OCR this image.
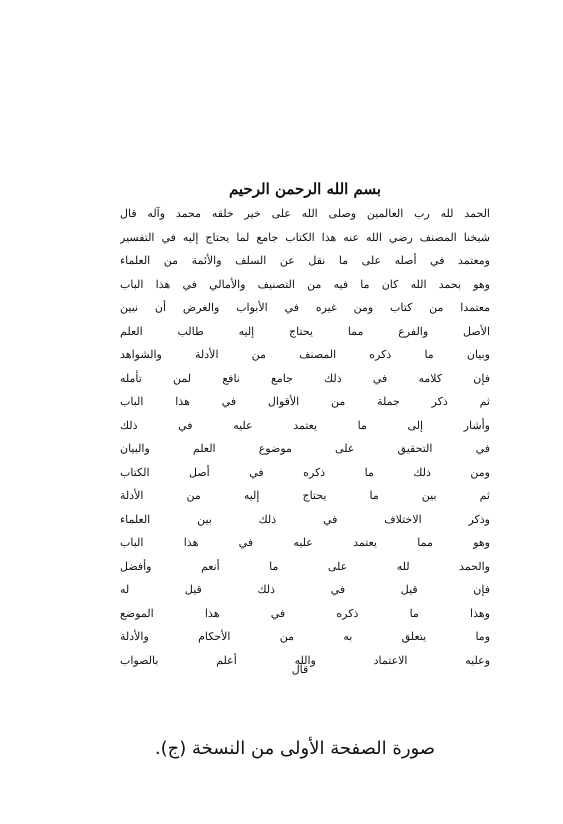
بسم الله الرحمن الرحيم
الحمد لله رب العالمين وصلى الله على خير خلقه محمد وآله قال
شيخنا المصنف رضي الله عنه هذا الكتاب جامع لما يحتاج إليه في التفسير
ومعتمد في أصله على ما نقل عن السلف والأئمة من العلماء
وهو بحمد الله كان ما فيه من التصنيف والأمالي في هذا الباب
معتمدا من كتاب ومن غيره في الأبواب والغرض أن نبين
الأصل والفرع مما يحتاج إليه طالب العلم
وبيان ما ذكره المصنف من الأدلة والشواهد
فإن كلامه في ذلك جامع نافع لمن تأمله
ثم ذكر جملة من الأقوال في هذا الباب
وأشار إلى ما يعتمد عليه في ذلك
في التحقيق على موضوع العلم والبيان
ومن ذلك ما ذكره في أصل الكتاب
ثم بين ما يحتاج إليه من الأدلة
وذكر الاختلاف في ذلك بين العلماء
وهو مما يعتمد عليه في هذا الباب
والحمد لله على ما أنعم وأفضل
فإن قيل في ذلك قيل له
وهذا ما ذكره في هذا الموضع
وما يتعلق به من الأحكام والأدلة
وعليه الاعتماد والله أعلم بالصواب
قال
صورة الصفحة الأولى من النسخة (ج).
